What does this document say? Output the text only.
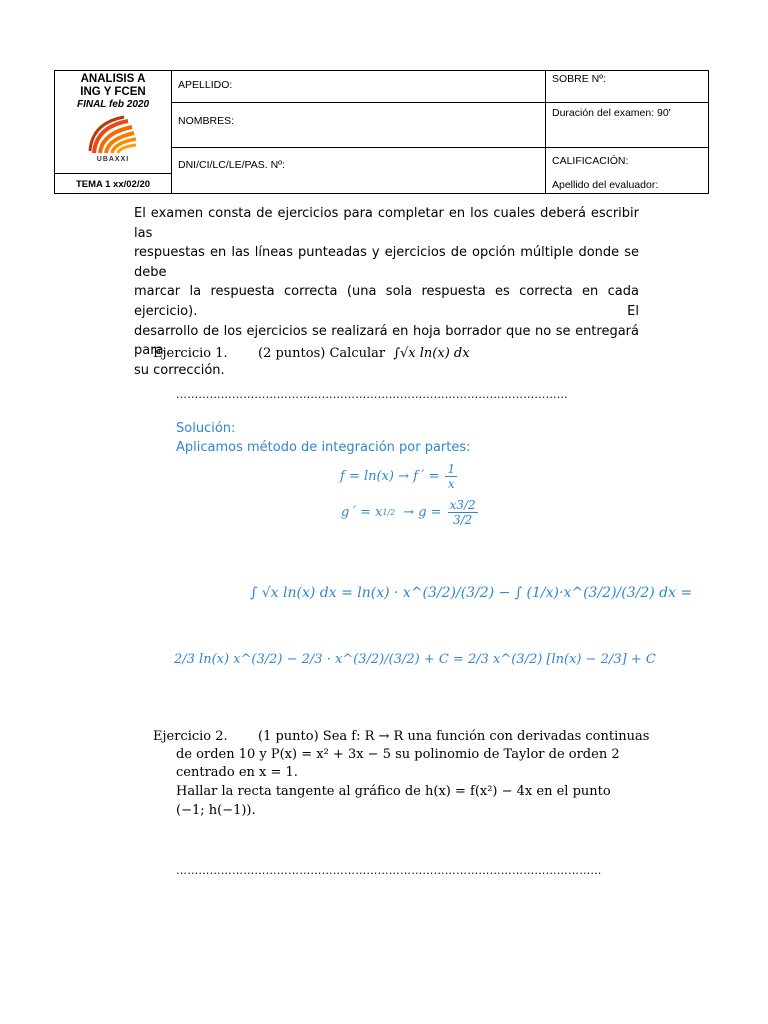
ANALISIS A
ING Y FCEN
FINAL feb 2020
UBAXXI
TEMA 1 xx/02/20
APELLIDO:
NOMBRES:
DNI/CI/LC/LE/PAS. Nº:
SOBRE Nº:
Duración del examen: 90'
CALIFICACIÓN:
Apellido del evaluador:
El examen consta de ejercicios para completar en los cuales deberá escribir las
respuestas en las líneas punteadas y ejercicios de opción múltiple donde se debe
marcar la respuesta correcta (una sola respuesta es correcta en cada ejercicio). El
desarrollo de los ejercicios se realizará en hoja borrador que no se entregará para
su corrección.
Ejercicio 1. (2 puntos) Calcular ∫√x ln(x) dx
……………………………………………………………………………………………
Solución:
Aplicamos método de integración por partes:
f = ln(x) → f´ = $\frac{1}{x}$
g´ = x $1/2 \to g = \frac{x3/2}{3/2}$
∫ √x ln(x) dx = ln(x) · x^(3/2)/(3/2) − ∫ (1/x)·x^(3/2)/(3/2) dx =
2/3 ln(x) x^(3/2) − 2/3 · x^(3/2)/(3/2) + C = 2/3 x^(3/2) [ln(x) − 2/3] + C
Ejercicio 2. (1 punto) Sea f: R → R una función con derivadas continuas
de orden 10 y P(x) = x² + 3x − 5 su polinomio de Taylor de orden 2
centrado en x = 1.
Hallar la recta tangente al gráfico de h(x) = f(x²) − 4x en el punto
(−1; h(−1)).
……………………………………………………………………………………………………
